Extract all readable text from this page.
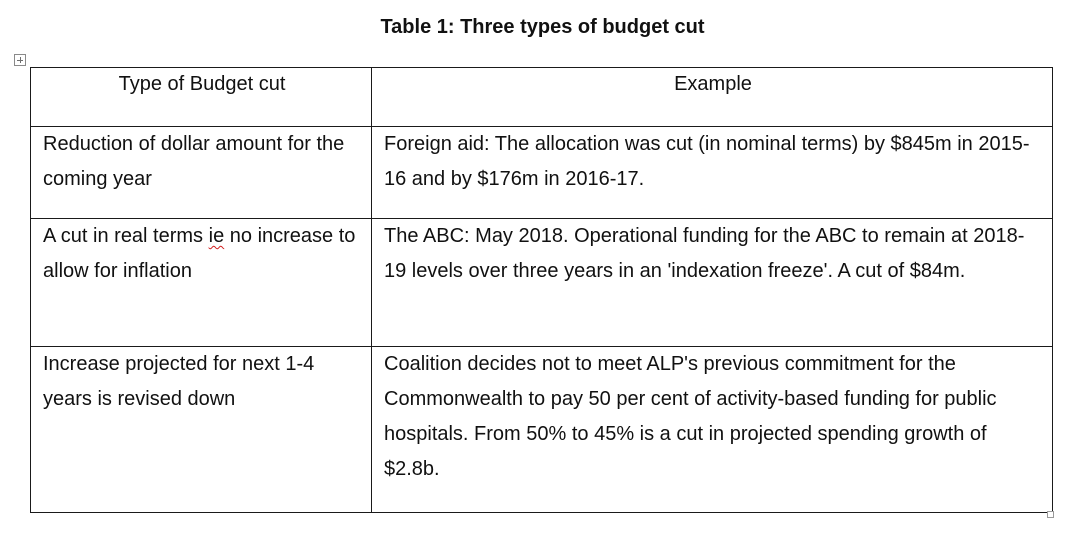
Table 1: Three types of budget cut
Type of Budget cut	Example
Reduction of dollar amount for the coming year	Foreign aid: The allocation was cut (in nominal terms) by $845m in 2015-16 and by $176m in 2016-17.
A cut in real terms ie no increase to allow for inflation	The ABC: May 2018. Operational funding for the ABC to remain at 2018-19 levels over three years in an 'indexation freeze'. A cut of $84m.
Increase projected for next 1-4 years is revised down	Coalition decides not to meet ALP's previous commitment for the Commonwealth to pay 50 per cent of activity-based funding for public hospitals. From 50% to 45% is a cut in projected spending growth of $2.8b.
